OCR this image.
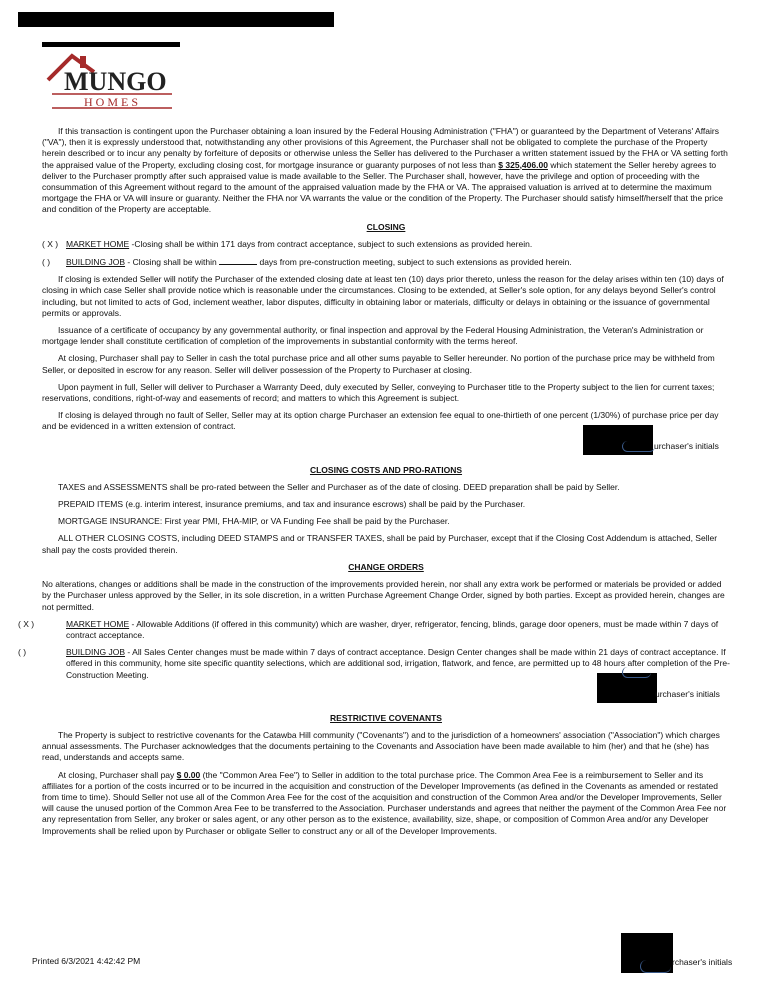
MUNGO
HOMES

If this transaction is contingent upon the Purchaser obtaining a loan insured by the Federal Housing Administration ("FHA") or guaranteed by the Department of Veterans' Affairs ("VA"), then it is expressly understood that, notwithstanding any other provisions of this Agreement, the Purchaser shall not be obligated to complete the purchase of the Property herein described or to incur any penalty by forfeiture of deposits or otherwise unless the Seller has delivered to the Purchaser a written statement issued by the FHA or VA setting forth the appraised value of the Property, excluding closing cost, for mortgage insurance or guaranty purposes of not less than $ 325,406.00 which statement the Seller hereby agrees to deliver to the Purchaser promptly after such appraised value is made available to the Seller. The Purchaser shall, however, have the privilege and option of proceeding with the consummation of this Agreement without regard to the amount of the appraised valuation made by the FHA or VA. The appraised valuation is arrived at to determine the maximum mortgage the FHA or VA will insure or guaranty. Neither the FHA nor VA warrants the value or the condition of the Property. The Purchaser should satisfy himself/herself that the price and condition of the Property are acceptable.

CLOSING

( X ) MARKET HOME -Closing shall be within 171 days from contract acceptance, subject to such extensions as provided herein.

( ) BUILDING JOB - Closing shall be within	days from pre-construction meeting, subject to such extensions as provided herein.

If closing is extended Seller will notify the Purchaser of the extended closing date at least ten (10) days prior thereto, unless the reason for the delay arises within ten (10) days of closing in which case Seller shall provide notice which is reasonable under the circumstances. Closing to be extended, at Seller's sole option, for any delays beyond Seller's control including, but not limited to acts of God, inclement weather, labor disputes, difficulty in obtaining labor or materials, difficulty or delays in obtaining or the issuance of governmental permits or approvals.

Issuance of a certificate of occupancy by any governmental authority, or final inspection and approval by the Federal Housing Administration, the Veteran's Administration or mortgage lender shall constitute certification of completion of the improvements in substantial conformity with the terms hereof.

At closing, Purchaser shall pay to Seller in cash the total purchase price and all other sums payable to Seller hereunder. No portion of the purchase price may be withheld from Seller, or deposited in escrow for any reason. Seller will deliver possession of the Property to Purchaser at closing.

Upon payment in full, Seller will deliver to Purchaser a Warranty Deed, duly executed by Seller, conveying to Purchaser title to the Property subject to the lien for current taxes; reservations, conditions, right-of-way and easements of record; and matters to which this Agreement is subject.

If closing is delayed through no fault of Seller, Seller may at its option charge Purchaser an extension fee equal to one-thirtieth of one percent (1/30%) of purchase price per day and be evidenced in a written extension of contract.

urchaser's initials
CLOSING COSTS AND PRO-RATIONS

TAXES and ASSESSMENTS shall be pro-rated between the Seller and Purchaser as of the date of closing. DEED preparation shall be paid by Seller.

PREPAID ITEMS (e.g. interim interest, insurance premiums, and tax and insurance escrows) shall be paid by the Purchaser.

MORTGAGE INSURANCE: First year PMI, FHA-MIP, or VA Funding Fee shall be paid by the Purchaser.

ALL OTHER CLOSING COSTS, including DEED STAMPS and or TRANSFER TAXES, shall be paid by Purchaser, except that if the Closing Cost Addendum is attached, Seller shall pay the costs provided therein.

CHANGE ORDERS

No alterations, changes or additions shall be made in the construction of the improvements provided herein, nor shall any extra work be performed or materials be provided or added by the Purchaser unless approved by the Seller, in its sole discretion, in a written Purchase Agreement Change Order, signed by both parties. Except as provided herein, changes are not permitted.

( X )	MARKET HOME - Allowable Additions (if offered in this community) which are washer, dryer, refrigerator, fencing, blinds, garage door openers, must be made within 7 days of contract acceptance.

( )	BUILDING JOB - All Sales Center changes must be made within 7 days of contract acceptance. Design Center changes shall be made within 21 days of contract acceptance. If offered in this community, home site specific quantity selections, which are additional sod, irrigation, flatwork, and fence, are permitted up to 48 hours after completion of the Pre-Construction Meeting.

urchaser's initials
RESTRICTIVE COVENANTS

The Property is subject to restrictive covenants for the Catawba Hill community ("Covenants") and to the jurisdiction of a homeowners' association ("Association") which charges annual assessments. The Purchaser acknowledges that the documents pertaining to the Covenants and Association have been made available to him (her) and that he (she) has read, understands and accepts same.

At closing, Purchaser shall pay $ 0.00 (the "Common Area Fee") to Seller in addition to the total purchase price. The Common Area Fee is a reimbursement to Seller and its affiliates for a portion of the costs incurred or to be incurred in the acquisition and construction of the Developer Improvements (as defined in the Covenants as amended or restated from time to time). Should Seller not use all of the Common Area Fee for the cost of the acquisition and construction of the Common Area and/or the Developer Improvements, Seller will cause the unused portion of the Common Area Fee to be transferred to the Association. Purchaser understands and agrees that neither the payment of the Common Area Fee nor any representation from Seller, any broker or sales agent, or any other person as to the existence, availability, size, shape, or composition of Common Area and/or any Developer Improvements shall be relied upon by Purchaser or obligate Seller to construct any or all of the Developer Improvements.

Printed 6/3/2021 4:42:42 PM	rchaser's initials
